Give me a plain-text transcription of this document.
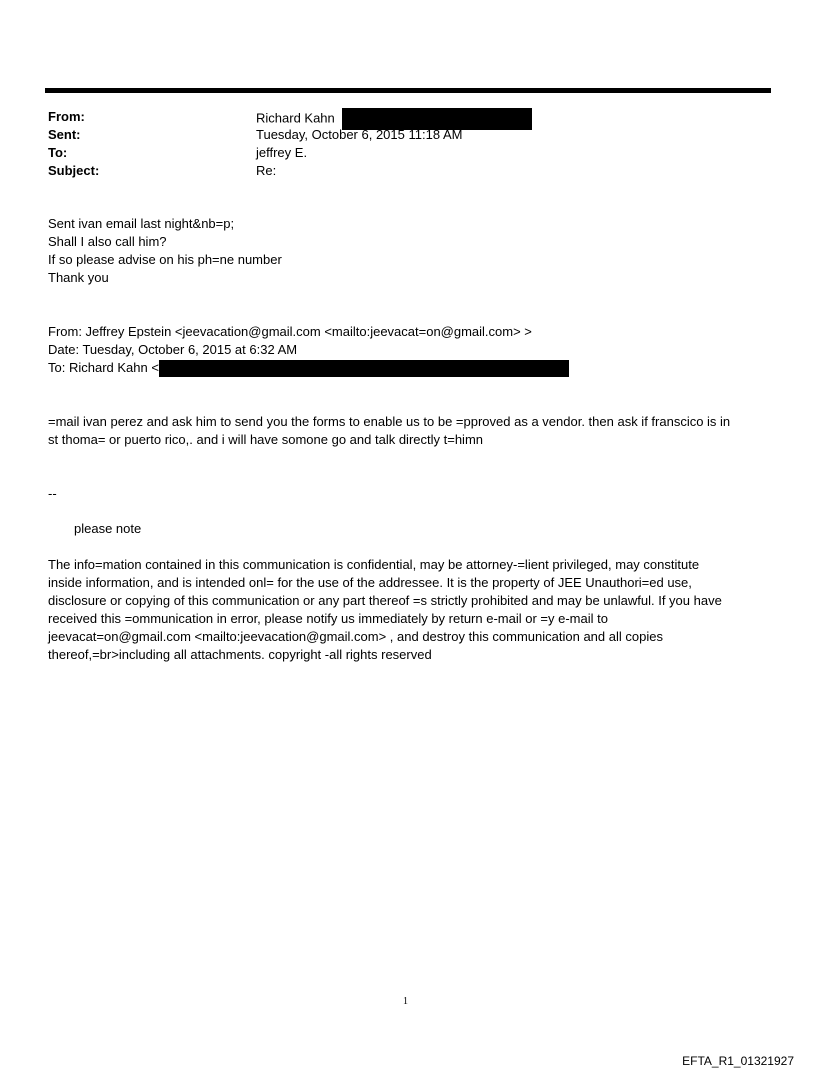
From:	Richard Kahn
Sent:	Tuesday, October 6, 2015 11:18 AM
To:	jeffrey E.
Subject:	Re:

Sent ivan email last night&nb=p;

Shall I also call him?

If so please advise on his ph=ne number

Thank you

From: Jeffrey Epstein <jeevacation@gmail.com <mailto:jeevacat=on@gmail.com> >

Date: Tuesday, October 6, 2015 at 6:32 AM

To: Richard Kahn <

=mail ivan perez and ask him to send you the forms to enable us to be =pproved as a vendor. then ask if franscico is in

st thoma= or puerto rico,. and i will have somone go and talk directly t=himn

--

please note

The info=mation contained in this communication is confidential, may be attorney-=lient privileged, may constitute

inside information, and is intended onl= for the use of the addressee. It is the property of JEE Unauthori=ed use,

disclosure or copying of this communication or any part thereof =s strictly prohibited and may be unlawful. If you have

received this =ommunication in error, please notify us immediately by return e-mail or =y e-mail to

jeevacat=on@gmail.com <mailto:jeevacation@gmail.com> , and destroy this communication and all copies

thereof,=br>including all attachments. copyright -all rights reserved

1
EFTA_R1_01321927
